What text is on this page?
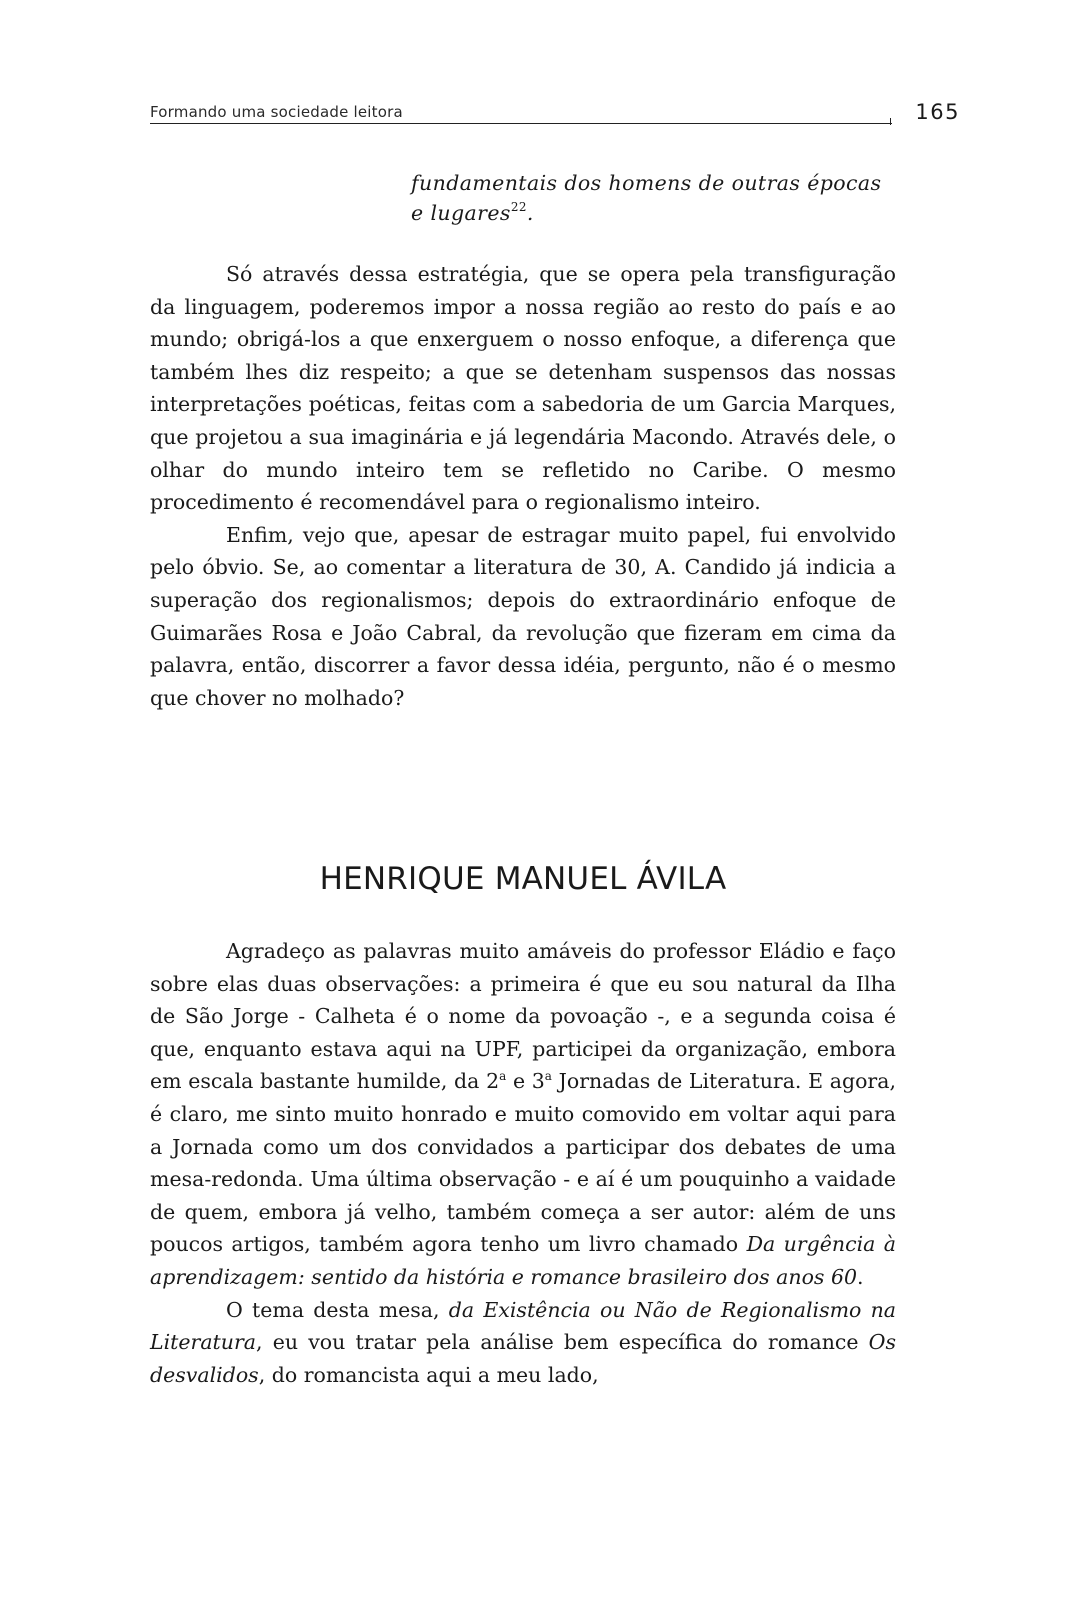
Formando uma sociedade leitora	165
fundamentais dos homens de outras épocas
e lugares$^{22}$.

Só através dessa estratégia, que se opera pela transfiguração da linguagem, poderemos impor a nossa região ao resto do país e ao mundo; obrigá-los a que enxerguem o nosso enfoque, a diferença que também lhes diz respeito; a que se detenham suspensos das nossas interpretações poéticas, feitas com a sabedoria de um Garcia Marques, que projetou a sua imaginária e já legendária Macondo. Através dele, o olhar do mundo inteiro tem se refletido no Caribe. O mesmo procedimento é recomendável para o regionalismo inteiro.

Enfim, vejo que, apesar de estragar muito papel, fui envolvido pelo óbvio. Se, ao comentar a literatura de 30, A. Candido já indicia a superação dos regionalismos; depois do extraordinário enfoque de Guimarães Rosa e João Cabral, da revolução que fizeram em cima da palavra, então, discorrer a favor dessa idéia, pergunto, não é o mesmo que chover no molhado?

HENRIQUE MANUEL ÁVILA

Agradeço as palavras muito amáveis do professor Eládio e faço sobre elas duas observações: a primeira é que eu sou natural da Ilha de São Jorge - Calheta é o nome da povoação -, e a segunda coisa é que, enquanto estava aqui na UPF, participei da organização, embora em escala bastante humilde, da 2$^a$ e 3$^a$ Jornadas de Literatura. E agora, é claro, me sinto muito honrado e muito comovido em voltar aqui para a Jornada como um dos convidados a participar dos debates de uma mesa-redonda. Uma última observação - e aí é um pouquinho a vaidade de quem, embora já velho, também começa a ser autor: além de uns poucos artigos, também agora tenho um livro chamado Da urgência à aprendizagem: sentido da história e romance brasileiro dos anos 60.

O tema desta mesa, da Existência ou Não de Regionalismo na Literatura, eu vou tratar pela análise bem específica do romance Os desvalidos, do romancista aqui a meu lado,
